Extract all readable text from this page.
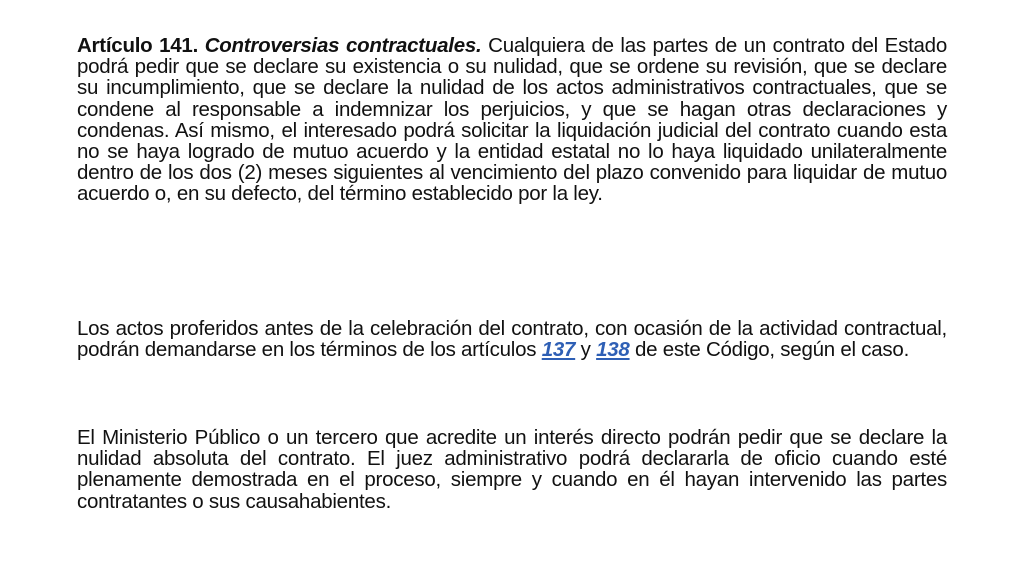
Artículo 141. Controversias contractuales. Cualquiera de las partes de un contrato del Estado podrá pedir que se declare su existencia o su nulidad, que se ordene su revisión, que se declare su incumplimiento, que se declare la nulidad de los actos administrativos contractuales, que se condene al responsable a indemnizar los perjuicios, y que se hagan otras declaraciones y condenas. Así mismo, el interesado podrá solicitar la liquidación judicial del contrato cuando esta no se haya logrado de mutuo acuerdo y la entidad estatal no lo haya liquidado unilateralmente dentro de los dos (2) meses siguientes al vencimiento del plazo convenido para liquidar de mutuo acuerdo o, en su defecto, del término establecido por la ley.

Los actos proferidos antes de la celebración del contrato, con ocasión de la actividad contractual, podrán demandarse en los términos de los artículos 137 y 138 de este Código, según el caso.

El Ministerio Público o un tercero que acredite un interés directo podrán pedir que se declare la nulidad absoluta del contrato. El juez administrativo podrá declararla de oficio cuando esté plenamente demostrada en el proceso, siempre y cuando en él hayan intervenido las partes contratantes o sus causahabientes.
